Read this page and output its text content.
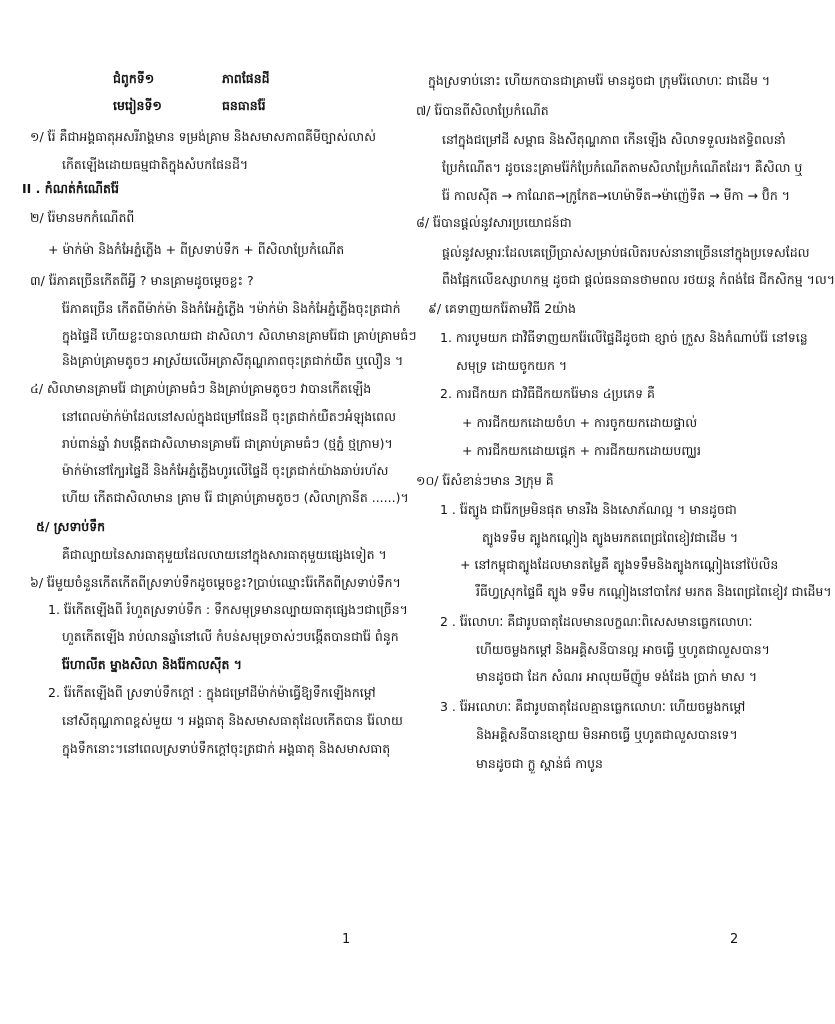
ជំពូកទី១	ភាពផែនដី
មេរៀនទី១	ធនធានរ៉ែ
១/ រ៉ែ គឺជាអង្គធាតុអសរីរាង្គមាន ទម្រង់គ្រាម និងសមាសភាពគីមីច្បាស់លាស់
កើតឡើងដោយធម្មជាតិក្នុងសំបកផែនដី។
II . កំណត់កំណើតរ៉ែ
២/ រ៉ែមានមកកំណើតពី
+ ម៉ាក់ម៉ា និងកំអែភ្នំភ្លើង + ពីស្រទាប់ទឹក + ពីសិលាប្រែកំណើត
៣/ រ៉ែភាគច្រើនកើតពីអ្វី ? មានគ្រាមដូចម្តេចខ្លះ ?
រ៉ែភាគច្រើន កើតពីម៉ាក់ម៉ា និងកំអែភ្នំភ្លើង ។ម៉ាក់ម៉ា និងកំអែភ្នំភ្លើងចុះត្រជាក់
ក្នុងផ្ទៃដី ហើយខ្លះបានលាយជា ដាសិលា។ សិលាមានគ្រាមរ៉ែជា គ្រាប់គ្រាមធំៗ
និងគ្រាប់គ្រាមតូចៗ អាស្រ័យលើអត្រាសីតុណ្ហភាពចុះត្រជាក់យឺត ឬលឿន ។
៤/ សិលាមានគ្រាមរ៉ែ ជាគ្រាប់គ្រាមធំៗ និងគ្រាប់គ្រាមតូចៗ វាបានកើតឡើង
នៅពេលម៉ាក់ម៉ាដែលនៅសល់ក្នុងជម្រៅផែនដី ចុះត្រជាក់យឺតៗអំឡុងពេល
រាប់ពាន់ឆ្នាំ វាបង្កើតជាសិលាមានគ្រាមរ៉ែ ជាគ្រាប់គ្រាមធំៗ (ថ្មភ្នំ ថ្មក្រាម)។
ម៉ាក់ម៉ានៅក្បែរផ្ទៃដី និងកំអែភ្នំភ្លើងហូរលើផ្ទៃដី ចុះត្រជាក់យ៉ាងឆាប់រហ័ស
ហើយ កើតជាសិលាមាន គ្រាម រ៉ែ ជាគ្រាប់គ្រាមតូចៗ (សិលាក្រានីត ......)។
៥/ ស្រទាប់ទឹក
គឺជាល្បាយនៃសារធាតុមួយដែលលាយនៅក្នុងសារធាតុមួយផ្សេងទៀត ។
៦/ រ៉ែមួយចំនួនកើតកើតពីស្រទាប់ទឹកដូចម្តេចខ្លះ?ប្រាប់ឈ្មោះរ៉ែកើតពីស្រទាប់ទឹក។
1. រ៉ែកើតឡើងពី រំហួតស្រទាប់ទឹក : ទឹកសមុទ្រមានល្បាយធាតុផ្សេងៗជាច្រើន។
ហួតកើតឡើង រាប់លានឆ្នាំនៅលើ កំបន់សមុទ្រចាស់ៗបង្កើតបានជារ៉ែ ពំនូក
រ៉ែហាលីត ម្នាងសិលា និងរ៉ែកាលស៊ីត ។
2. រ៉ែកើតឡើងពី ស្រទាប់ទឹកក្តៅ : ក្នុងជម្រៅដីម៉ាក់ម៉ាធ្វើឱ្យទឹកឡើងកម្តៅ
នៅសីតុណ្ហភាពខ្ពស់មួយ ។ អង្គធាតុ និងសមាសធាតុដែលកើតបាន រ៉ែលាយ
ក្នុងទឹកនោះ។នៅពេលស្រទាប់ទឹកក្តៅចុះត្រជាក់ អង្គធាតុ និងសមាសធាតុ
1
ក្នុងស្រទាប់នោះ ហើយកបានជាគ្រាមរ៉ែ មានដូចជា ក្រុមរ៉ែលោហៈ ជាដើម ។
៧/ រ៉ែបានពីសិលាប្រែកំណើត
នៅក្នុងជម្រៅដី សម្ពាធ និងសីតុណ្ហភាព កើនឡើង សិលាទទួលរងឥទ្ធិពលនាំ
ប្រែកំណើត។ ដូចនេះគ្រាមរ៉ែកំប្រែកំណើតតាមសិលាប្រែកំណើតដែរ។ គឺសិលា ឬ
រ៉ែ កាលស៊ីត → កាណែត→ក្រូកែត→ហេម៉ាទីត→ម៉ាញ៉េទីត → មីកា → ប៊ិក ។
៨/ រ៉ែបានផ្តល់នូវសារប្រយោជន៍ជា
ផ្តល់នូវសម្ភារៈដែលគេប្រើប្រាស់សម្រាប់ផលិតរបស់នានាច្រើននៅក្នុងប្រទេសដែល
ពឹងផ្អែកលើឧស្សាហកម្ម ដូចជា ផ្តល់ធនធានថាមពល រថយន្ត កំពង់ផែ ជីកសិកម្ម ។ល។
៩/ គេទាញយករ៉ែតាមវិធី 2យ៉ាង
1. ការបូមយក ជាវិធីទាញយករ៉ែលើផ្ទៃដីដូចជា ខ្សាច់ ក្រួស និងកំណាប់រ៉ែ នៅទន្លេ
សមុទ្រ ដោយចូកយក ។
2. ការជីកយក ជាវិធីជីកយករ៉ែមាន ៤ប្រភេទ គឺ
+ ការជីកយកដោយចំហ + ការចូកយកដោយផ្ទាល់
+ ការជីកយកដោយផ្តេក + ការជីកយកដោយបញ្ឈរ
១០/ រ៉ែសំខាន់ៗមាន 3ក្រុម គឺ
1 . រ៉ែត្បូង ជារ៉ែកម្រមិនផុត មានរឹង និងសោភ័ណល្អ ។ មានដូចជា
ត្បូងទទឹម ត្បូងកណ្តៀង ត្បូងមរកតពេជ្រពៃខៀវជាដើម ។
+ នៅកម្ពុជាត្បូងដែលមានតម្លៃគឺ ត្បូងទទឹមនិងត្បូងកណ្តៀងនៅប៉ៃលិន
រឺធីហ្វស្រុកផ្ទៃធឺ ត្បូង ទទឹម កណ្តៀងនៅបាកែវ មរកត និងពេជ្រពៃខៀវ ជាដើម។
2 . រ៉ែលោហៈ គឺជារូបធាតុដែលមានលក្ខណៈពិសេសមានធ្លេកលោហៈ
ហើយចម្លងកម្តៅ និងអគ្គិសនីបានល្អ អាចធ្វើ ឬហូតជាលួសបាន។
មានដូចជា ដែក សំណរ អាលុយមីញ៉ូម ទង់ដែង ប្រាក់ មាស ។
3 . រ៉ែអលោហៈ គឺជារូបធាតុដែលគ្មានធ្លេកលោហៈ ហើយចម្លងកម្តៅ
និងអគ្គិសនីបានខ្សោយ មិនអាចធ្វើ ឬហូតជាលួសបានទេ។
មានដូចជា ក្លួ ស្ពាន់ធ៌ កាបូន
2
